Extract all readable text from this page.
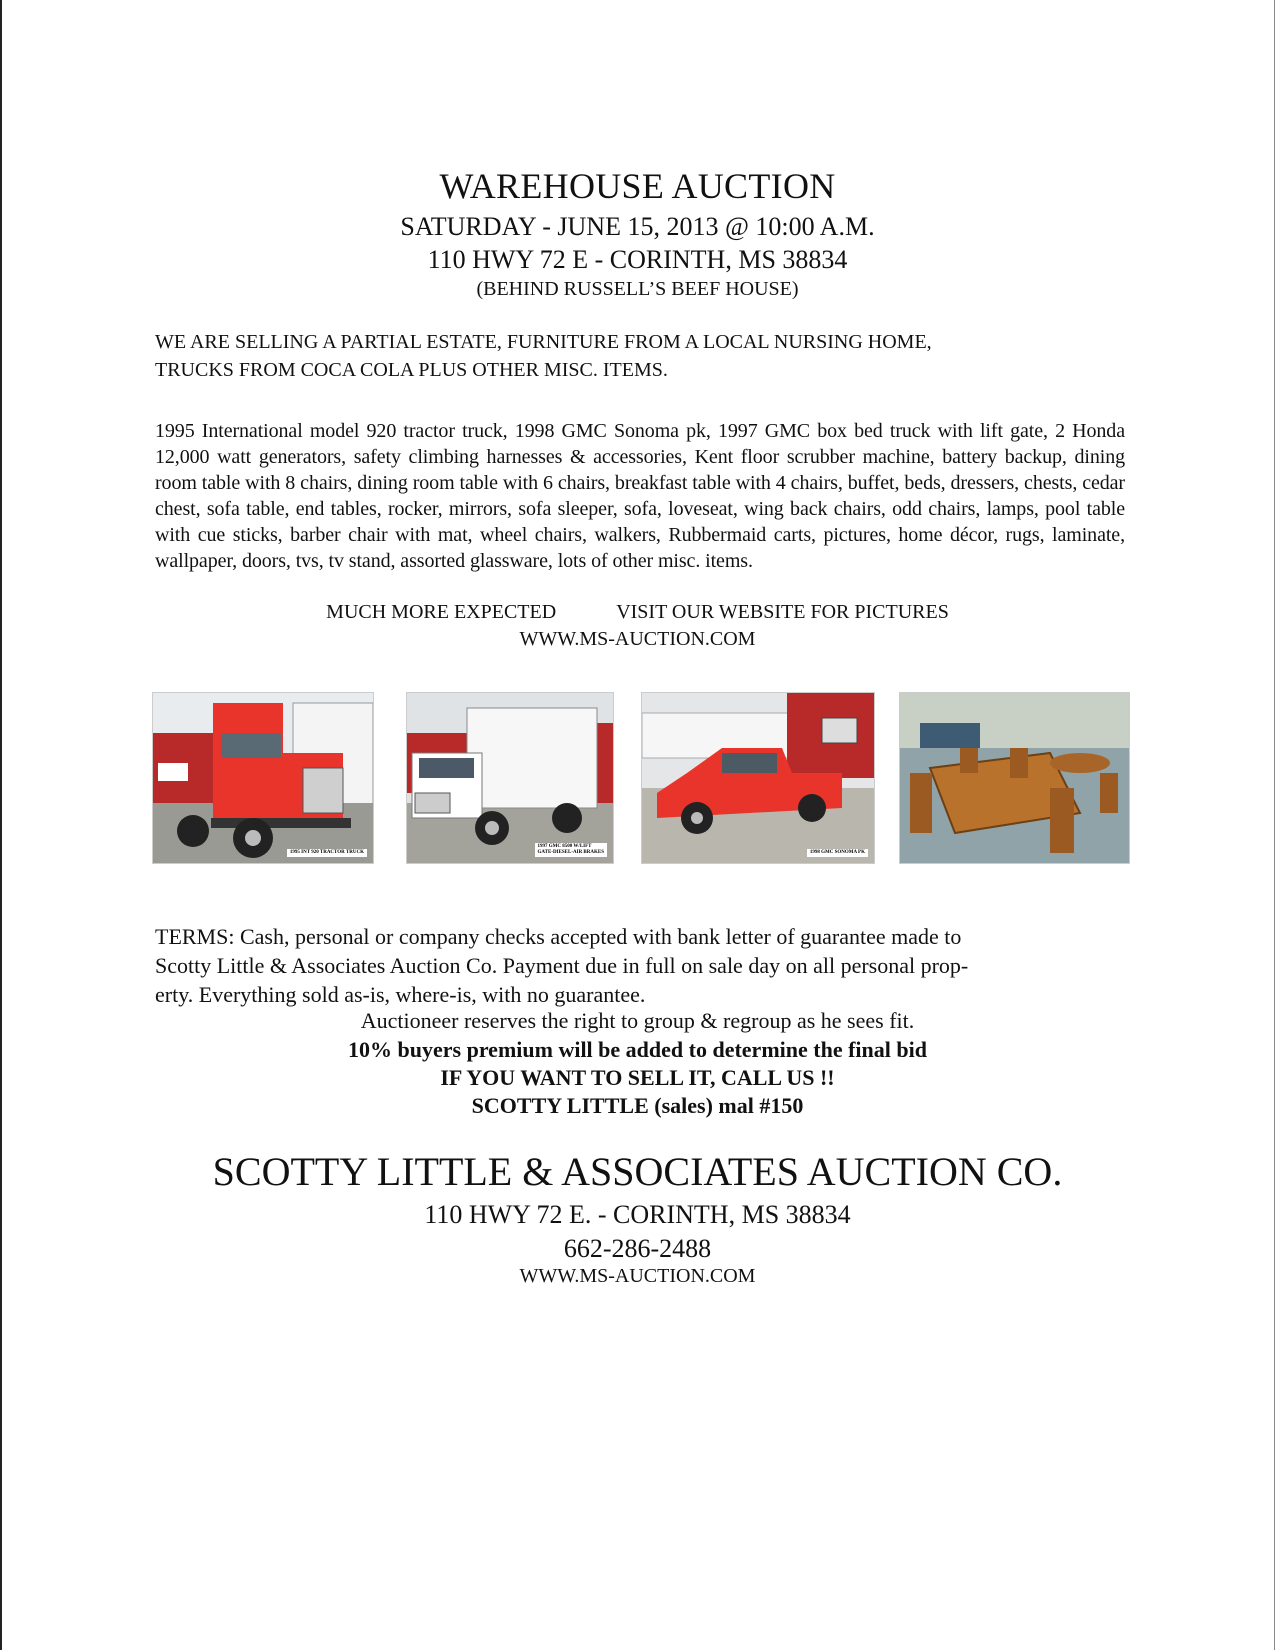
WAREHOUSE AUCTION
SATURDAY - JUNE 15, 2013 @ 10:00 A.M.
110 HWY 72 E - CORINTH, MS 38834
(BEHIND RUSSELL’S BEEF HOUSE)
WE ARE SELLING A PARTIAL ESTATE, FURNITURE FROM A LOCAL NURSING HOME,
TRUCKS FROM COCA COLA PLUS OTHER MISC. ITEMS.
1995 International model 920 tractor truck, 1998 GMC Sonoma pk, 1997 GMC box bed truck with lift gate, 2 Honda 12,000 watt generators, safety climbing harnesses & accessories, Kent floor scrubber machine, battery backup, dining room table with 8 chairs, dining room table with 6 chairs, breakfast table with 4 chairs, buffet, beds, dressers, chests, cedar chest, sofa table, end tables, rocker, mirrors, sofa sleeper, sofa, loveseat, wing back chairs, odd chairs, lamps, pool table with cue sticks, barber chair with mat, wheel chairs, walkers, Rubbermaid carts, pictures, home décor, rugs, laminate, wallpaper, doors, tvs, tv stand, assorted glassware, lots of other misc. items.
MUCH MORE EXPECTED	VISIT OUR WEBSITE FOR PICTURES
WWW.MS-AUCTION.COM
1995 INT 920 TRACTOR TRUCK
1997 GMC 8500 W/LIFT
GATE-DIESEL-AIR BRAKES	1998 GMC SONOMA PK
TERMS: Cash, personal or company checks accepted with bank letter of guarantee made to
Scotty Little & Associates Auction Co. Payment due in full on sale day on all personal prop-
erty. Everything sold as-is, where-is, with no guarantee.
Auctioneer reserves the right to group & regroup as he sees fit.
10% buyers premium will be added to determine the final bid
IF YOU WANT TO SELL IT, CALL US !!
SCOTTY LITTLE (sales) mal #150
SCOTTY LITTLE & ASSOCIATES AUCTION CO.
110 HWY 72 E. - CORINTH, MS 38834
662-286-2488
WWW.MS-AUCTION.COM
